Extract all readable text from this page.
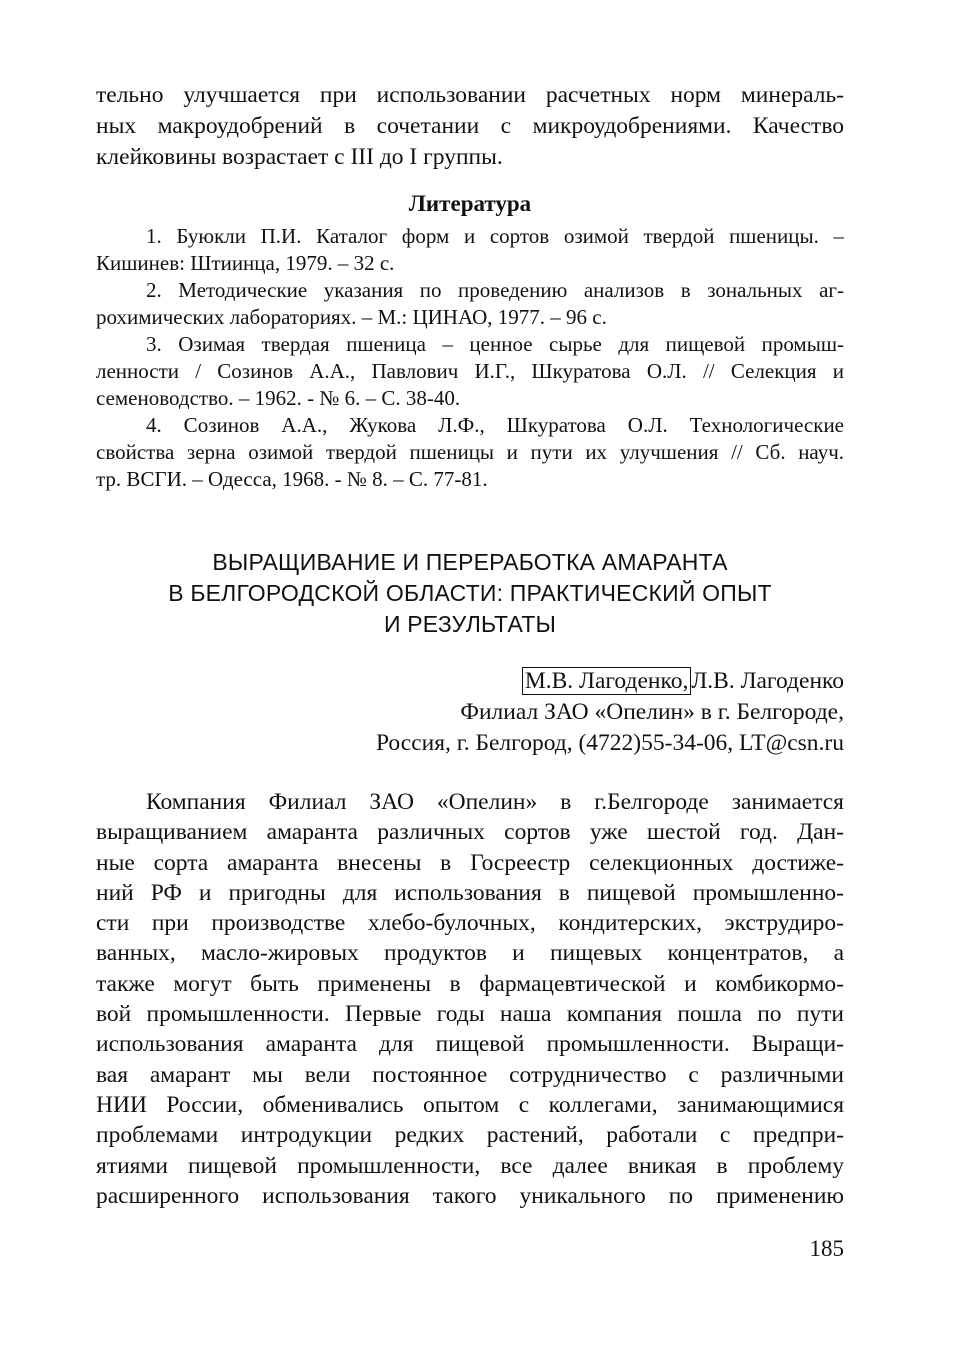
тельно улучшается при использовании расчетных норм минераль-
ных макроудобрений в сочетании с микроудобрениями. Качество
клейковины возрастает с III до I группы.
Литература
1. Буюкли П.И. Каталог форм и сортов озимой твердой пшеницы. –
Кишинев: Штиинца, 1979. – 32 с.
2. Методические указания по проведению анализов в зональных аг-
рохимических лабораториях. – М.: ЦИНАО, 1977. – 96 с.
3. Озимая твердая пшеница – ценное сырье для пищевой промыш-
ленности / Созинов А.А., Павлович И.Г., Шкуратова О.Л. // Селекция и
семеноводство. – 1962. - № 6. – С. 38-40.
4. Созинов А.А., Жукова Л.Ф., Шкуратова О.Л. Технологические
свойства зерна озимой твердой пшеницы и пути их улучшения // Сб. науч.
тр. ВСГИ. – Одесса, 1968. - № 8. – С. 77-81.
ВЫРАЩИВАНИЕ И ПЕРЕРАБОТКА АМАРАНТА
В БЕЛГОРОДСКОЙ ОБЛАСТИ: ПРАКТИЧЕСКИЙ ОПЫТ
И РЕЗУЛЬТАТЫ
М.В. Лагоденко, Л.В. Лагоденко
Филиал ЗАО «Опелин» в г. Белгороде,
Россия, г. Белгород, (4722)55-34-06, LT@csn.ru
Компания Филиал ЗАО «Опелин» в г.Белгороде занимается
выращиванием амаранта различных сортов уже шестой год. Дан-
ные сорта амаранта внесены в Госреестр селекционных достиже-
ний РФ и пригодны для использования в пищевой промышленно-
сти при производстве хлебо-булочных, кондитерских, экструдиро-
ванных, масло-жировых продуктов и пищевых концентратов, а
также могут быть применены в фармацевтической и комбикормо-
вой промышленности. Первые годы наша компания пошла по пути
использования амаранта для пищевой промышленности. Выращи-
вая амарант мы вели постоянное сотрудничество с различными
НИИ России, обменивались опытом с коллегами, занимающимися
проблемами интродукции редких растений, работали с предпри-
ятиями пищевой промышленности, все далее вникая в проблему
расширенного использования такого уникального по применению
185
